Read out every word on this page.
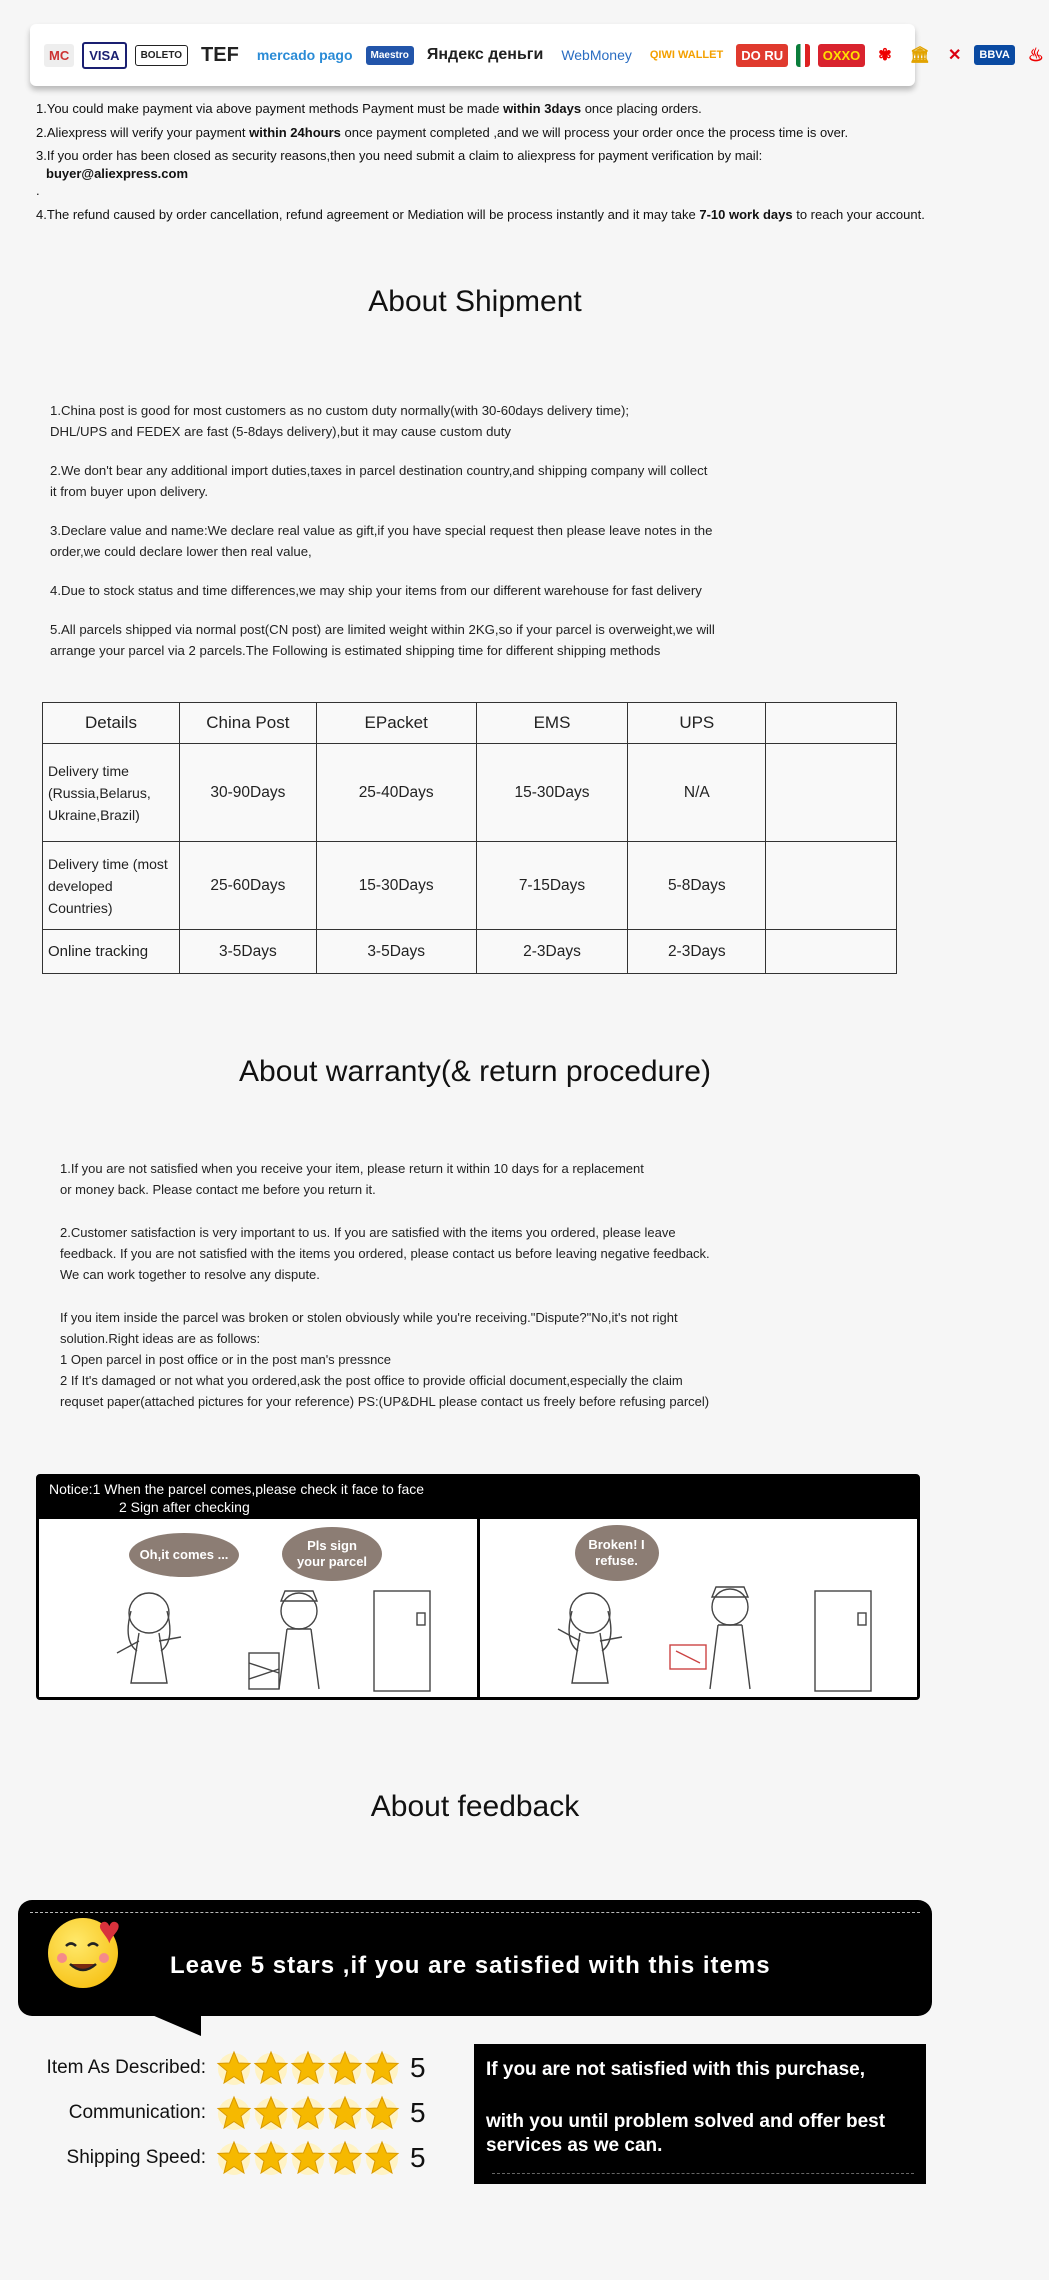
MC	VISA	BOLETO TEF	mercado pago	Maestro	Яндекс деньги	WebMoney	QIWI WALLET	DO RU
	OXXO	✾	🏛	✕	BBVA ♨

1.You could make payment via above payment methods Payment must be made within 3days once placing orders.

2.Aliexpress will verify your payment within 24hours once payment completed ,and we will process your order once the process time is over.

3.If you order has been closed as security reasons,then you need submit a claim to aliexpress for payment verification by mail:
buyer@aliexpress.com
.

4.The refund caused by order cancellation, refund agreement or Mediation will be process instantly and it may take 7-10 work days to reach your account.

About Shipment

1.China post is good for most customers as no custom duty normally(with 30-60days delivery time);
DHL/UPS and FEDEX are fast (5-8days delivery),but it may cause custom duty

2.We don't bear any additional import duties,taxes in parcel destination country,and shipping company will collect
it from buyer upon delivery.

3.Declare value and name:We declare real value as gift,if you have special request then please leave notes in the
order,we could declare lower then real value,

4.Due to stock status and time differences,we may ship your items from our different warehouse for fast delivery

5.All parcels shipped via normal post(CN post) are limited weight within 2KG,so if your parcel is overweight,we will
arrange your parcel via 2 parcels.The Following is estimated shipping time for different shipping methods

Details	China Post	EPacket	EMS	UPS	
Delivery time (Russia,Belarus, Ukraine,Brazil)	30-90Days	25-40Days	15-30Days	N/A	
Delivery time (most developed Countries)	25-60Days	15-30Days	7-15Days	5-8Days	
Online tracking	3-5Days	3-5Days	2-3Days	2-3Days	
About warranty(& return procedure)

1.If you are not satisfied when you receive your item, please return it within 10 days for a replacement
or money back. Please contact me before you return it.

2.Customer satisfaction is very important to us. If you are satisfied with the items you ordered, please leave
feedback. If you are not satisfied with the items you ordered, please contact us before leaving negative feedback.
We can work together to resolve any dispute.

If you item inside the parcel was broken or stolen obviously while you're receiving."Dispute?"No,it's not right
solution.Right ideas are as follows:
1 Open parcel in post office or in the post man's pressnce
2 If It's damaged or not what you ordered,ask the post office to provide official document,especially the claim
requset paper(attached pictures for your reference) PS:(UP&DHL please contact us freely before refusing parcel)

Notice:1 When the parcel comes,please check it face to face
2 Sign after checking
Oh,it comes ...
Pls sign your parcel
Broken! I refuse.
About feedback
♥
Leave 5 stars ,if you are satisfied with this items
Item As Described:	5
Communication:	5
Shipping Speed:	5
If you are not satisfied with this purchase,
with you until problem solved and offer best services as we can.
